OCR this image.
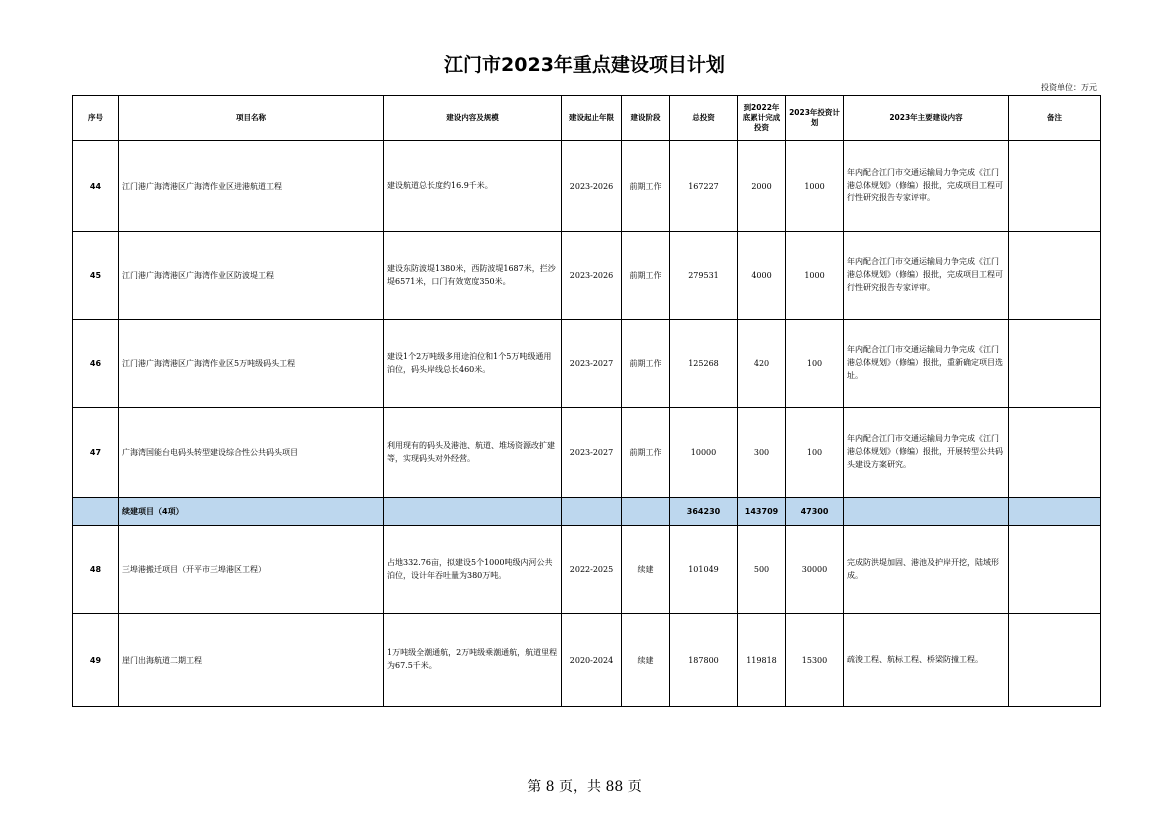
江门市2023年重点建设项目计划
投资单位：万元
序号	项目名称	建设内容及规模	建设起止年限	建设阶段	总投资	到2022年底累计完成投资	2023年投资计划	2023年主要建设内容	备注
44	江门港广海湾港区广海湾作业区进港航道工程	建设航道总长度约16.9千米。	2023-2026	前期工作	167227	2000	1000	年内配合江门市交通运输局力争完成《江门港总体规划》（修编）报批，完成项目工程可行性研究报告专家评审。	
45	江门港广海湾港区广海湾作业区防波堤工程	建设东防波堤1380米，西防波堤1687米，拦沙堤6571米，口门有效宽度350米。	2023-2026	前期工作	279531	4000	1000	年内配合江门市交通运输局力争完成《江门港总体规划》（修编）报批，完成项目工程可行性研究报告专家评审。	
46	江门港广海湾港区广海湾作业区5万吨级码头工程	建设1个2万吨级多用途泊位和1个5万吨级通用泊位，码头岸线总长460米。	2023-2027	前期工作	125268	420	100	年内配合江门市交通运输局力争完成《江门港总体规划》（修编）报批，重新确定项目选址。	
47	广海湾国能台电码头转型建设综合性公共码头项目	利用现有的码头及港池、航道、堆场资源改扩建等，实现码头对外经营。	2023-2027	前期工作	10000	300	100	年内配合江门市交通运输局力争完成《江门港总体规划》（修编）报批，开展转型公共码头建设方案研究。	
	续建项目（4项）				364230	143709	47300		
48	三埠港搬迁项目（开平市三埠港区工程）	占地332.76亩，拟建设5个1000吨级内河公共泊位，设计年吞吐量为380万吨。	2022-2025	续建	101049	500	30000	完成防洪堤加固、港池及护岸开挖，陆域形成。	
49	崖门出海航道二期工程	1万吨级全潮通航，2万吨级乘潮通航，航道里程为67.5千米。	2020-2024	续建	187800	119818	15300	疏浚工程、航标工程、桥梁防撞工程。	
第 8 页，共 88 页
